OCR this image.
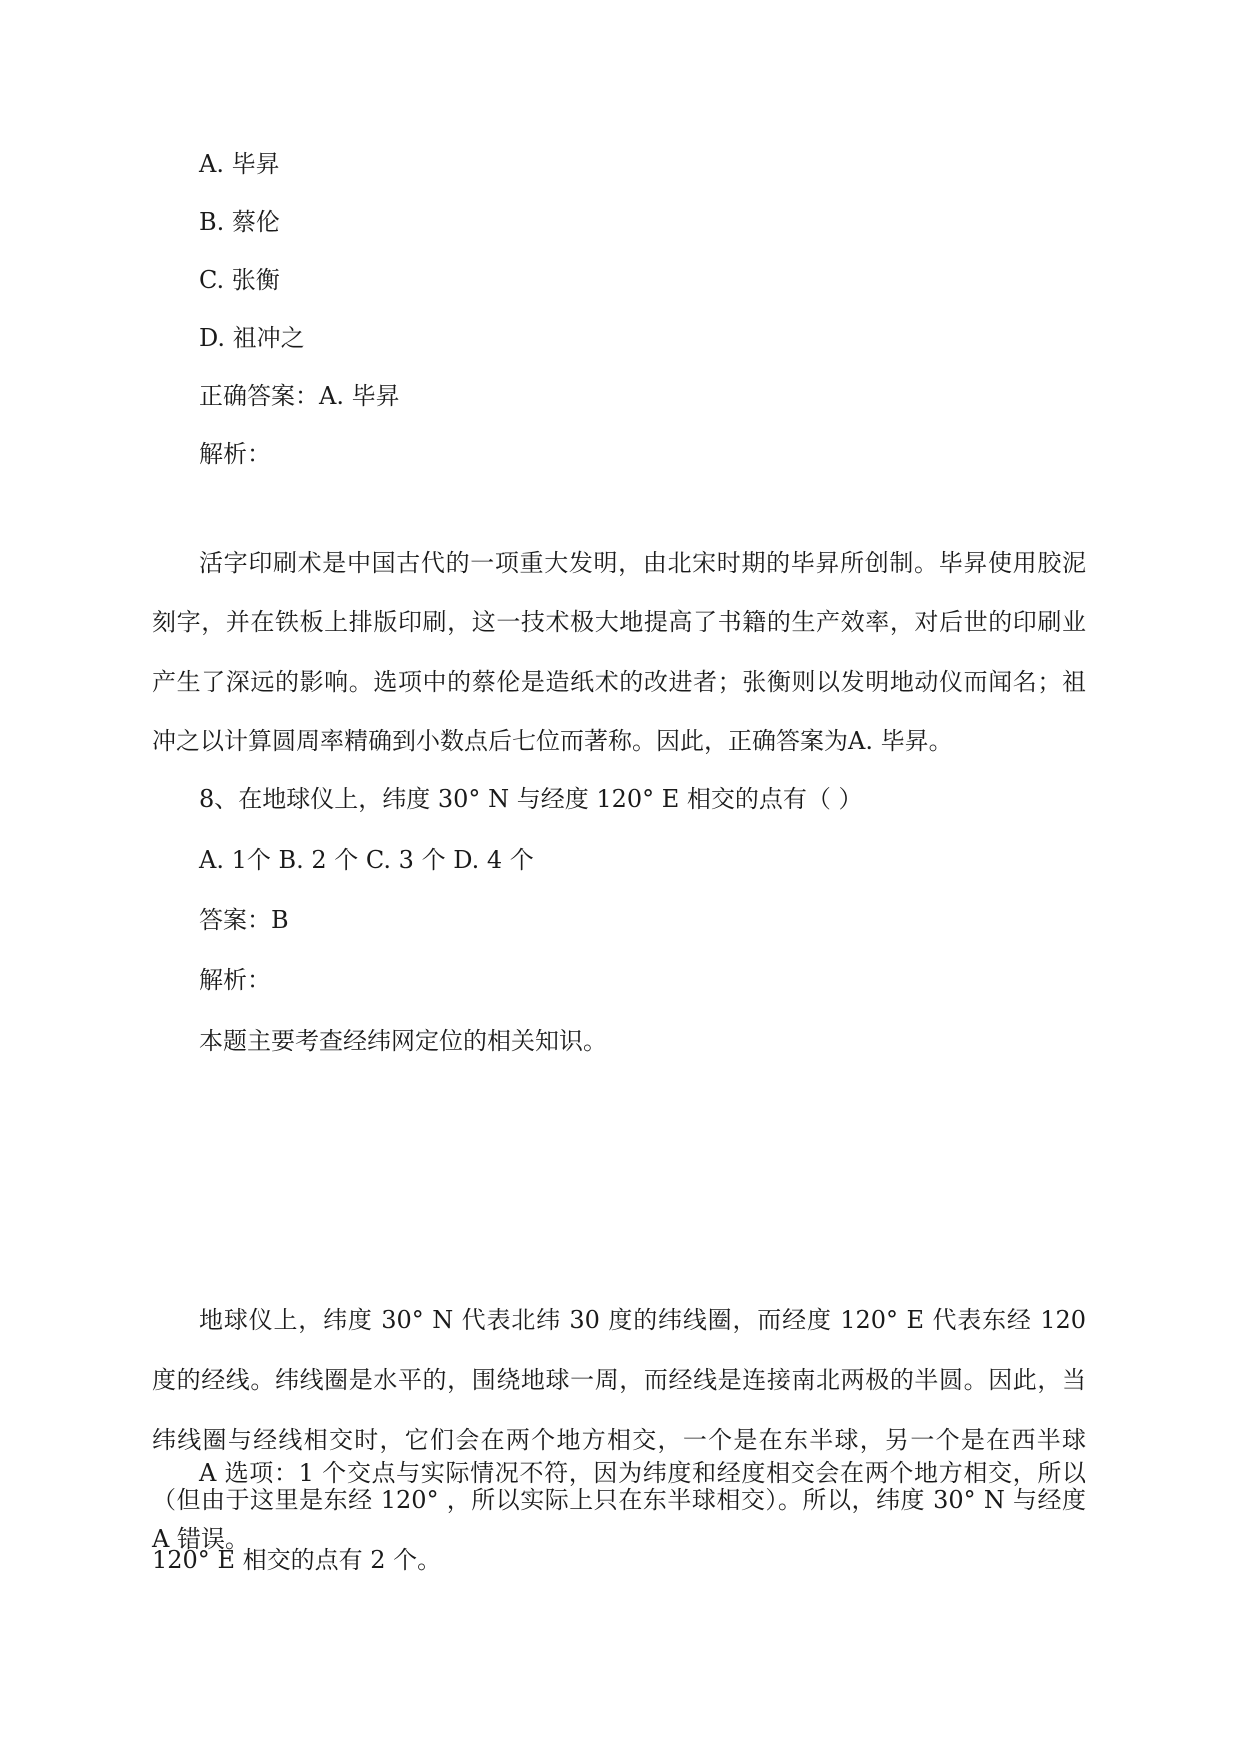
A. 毕昇
B. 蔡伦
C. 张衡
D. 祖冲之
正确答案：A. 毕昇
解析：

活字印刷术是中国古代的一项重大发明，由北宋时期的毕昇所创制。毕昇使用胶泥刻字，并在铁板上排版印刷，这一技术极大地提高了书籍的生产效率，对后世的印刷业产生了深远的影响。选项中的蔡伦是造纸术的改进者；张衡则以发明地动仪而闻名；祖冲之以计算圆周率精确到小数点后七位而著称。因此，正确答案为A. 毕昇。

8、在地球仪上，纬度 30° N 与经度 120° E 相交的点有（ ）
A. 1个 B. 2 个 C. 3 个 D. 4 个
答案：B
解析：
本题主要考查经纬网定位的相关知识。

地球仪上，纬度 30° N 代表北纬 30 度的纬线圈，而经度 120° E 代表东经 120 度的经线。纬线圈是水平的，围绕地球一周，而经线是连接南北两极的半圆。因此，当纬线圈与经线相交时，它们会在两个地方相交，一个是在东半球，另一个是在西半球（但由于这里是东经 120° ，所以实际上只在东半球相交）。所以，纬度 30° N 与经度 120° E 相交的点有 2 个。

A 选项：1 个交点与实际情况不符，因为纬度和经度相交会在两个地方相交，所以 A 错误。
